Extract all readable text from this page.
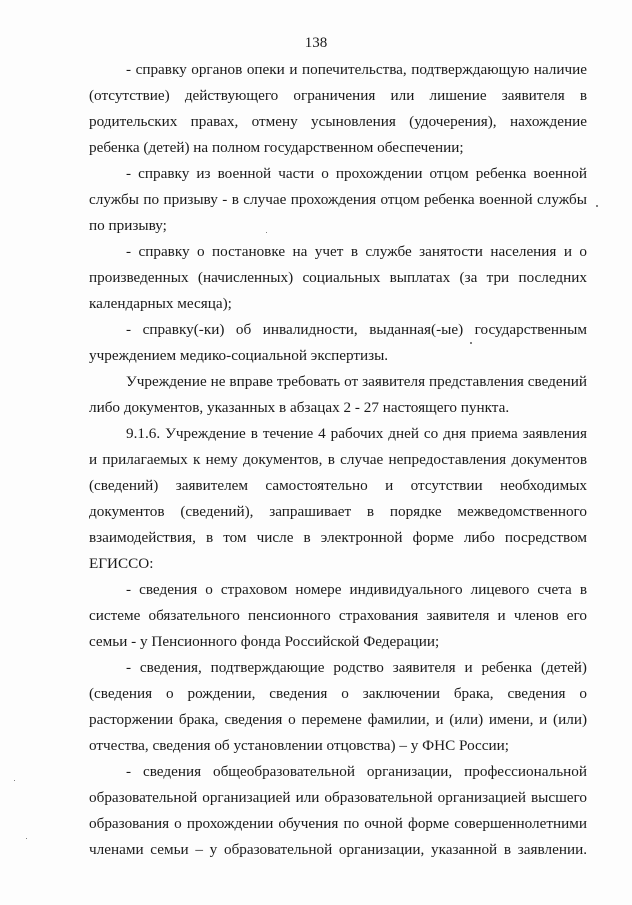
138

- справку органов опеки и попечительства, подтверждающую наличие (отсутствие) действующего ограничения или лишение заявителя в родительских правах, отмену усыновления (удочерения), нахождение ребенка (детей) на полном государственном обеспечении;

- справку из военной части о прохождении отцом ребенка военной службы по призыву - в случае прохождения отцом ребенка военной службы по призыву;

- справку о постановке на учет в службе занятости населения и о произведенных (начисленных) социальных выплатах (за три последних календарных месяца);

- справку(-ки) об инвалидности, выданная(-ые) государственным учреждением медико-социальной экспертизы.

Учреждение не вправе требовать от заявителя представления сведений либо документов, указанных в абзацах 2 - 27 настоящего пункта.

9.1.6. Учреждение в течение 4 рабочих дней со дня приема заявления и прилагаемых к нему документов, в случае непредоставления документов (сведений) заявителем самостоятельно и отсутствии необходимых документов (сведений), запрашивает в порядке межведомственного взаимодействия, в том числе в электронной форме либо посредством ЕГИССО:

- сведения о страховом номере индивидуального лицевого счета в системе обязательного пенсионного страхования заявителя и членов его семьи - у Пенсионного фонда Российской Федерации;

- сведения, подтверждающие родство заявителя и ребенка (детей) (сведения о рождении, сведения о заключении брака, сведения о расторжении брака, сведения о перемене фамилии, и (или) имени, и (или) отчества, сведения об установлении отцовства) – у ФНС России;

- сведения общеобразовательной организации, профессиональной образовательной организацией или образовательной организацией высшего образования о прохождении обучения по очной форме совершеннолетними членами семьи – у образовательной организации, указанной в заявлении.
